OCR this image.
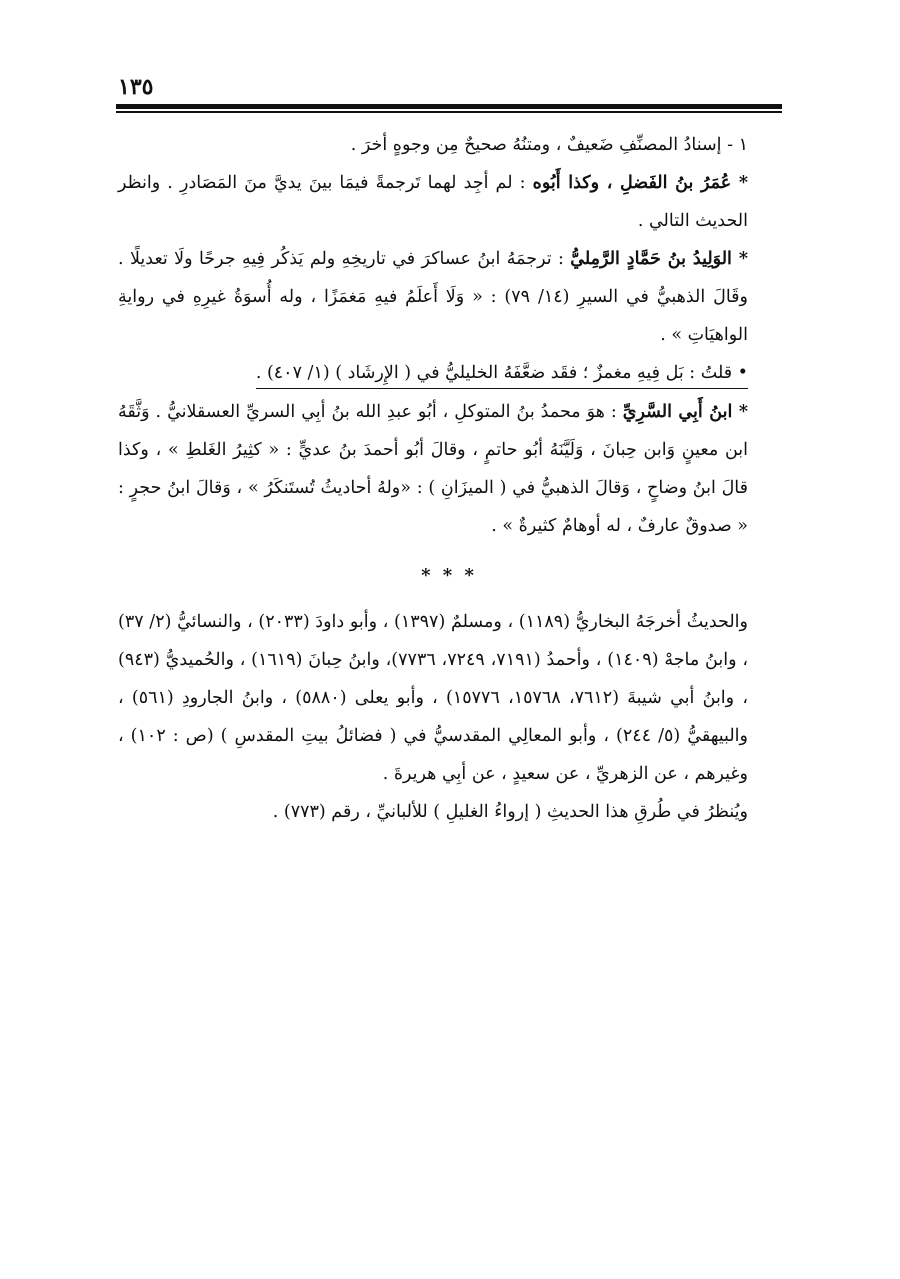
١٣٥

١ - إسنادُ المصنِّفِ ضَعيفٌ ، ومتنُهُ صحيحٌ مِن وجوهٍ أخرَ .

* عُمَرُ بنُ الفَضلِ ، وكذا أَبُوه : لم أجِد لهما تَرجمةً فيمَا بينَ يديَّ منَ المَصَادرِ . وانظر الحديث التالي .

* الوَلِيدُ بنُ حَمَّادٍ الرَّمِليُّ : ترجمَهُ ابنُ عساكرَ في تاريخِهِ ولم يَذكُر فِيهِ جرحًا ولَا تعديلًا . وقَالَ الذهبيُّ في السيرِ (١٤/ ٧٩) : « وَلَا أَعلَمُ فيهِ مَغمَزًا ، وله أُسوَةُ غيرِهِ في روايةِ الواهيَاتِ » .

• قلتُ : بَل فِيهِ مغمزٌ ؛ فقَد ضعَّفَهُ الخليليُّ في ( الإِرشَاد ) (١/ ٤٠٧) .

* ابنُ أَبِي السَّرِيِّ : هوَ محمدُ بنُ المتوكلِ ، أبُو عبدِ الله بنُ أبِي السريِّ العسقلانيُّ . وَثَّقَهُ ابن معينٍ وَابن حِبانَ ، وَلَيَّنَهُ أبُو حاتمٍ ، وقالَ أبُو أحمدَ بنُ عديٍّ : « كثِيرُ الغَلطِ » ، وكذا قالَ ابنُ وضاحٍ ، وَقالَ الذهبيُّ في ( الميزَانِ ) : «ولهُ أحاديثُ تُستَنكَرُ » ، وَقالَ ابنُ حجرٍ : « صدوقٌ عارفٌ ، له أوهامٌ كثيرةٌ » .

* * *

والحديثُ أخرجَهُ البخاريُّ (١١٨٩) ، ومسلمٌ (١٣٩٧) ، وأبو داودَ (٢٠٣٣) ، والنسائيُّ (٢/ ٣٧) ، وابنُ ماجهْ (١٤٠٩) ، وأحمدُ (٧١٩١، ٧٢٤٩، ٧٧٣٦)، وابنُ حِبانَ (١٦١٩) ، والحُميديُّ (٩٤٣) ، وابنُ أبي شيبةَ (٧٦١٢، ١٥٧٦٨، ١٥٧٧٦) ، وأبو يعلى (٥٨٨٠) ، وابنُ الجارودِ (٥٦١) ، والبيهقيُّ (٥/ ٢٤٤) ، وأبو المعالِي المقدسيُّ في ( فضائلُ بيتِ المقدسِ ) (ص : ١٠٢) ، وغيرهم ، عن الزهريِّ ، عن سعيدٍ ، عن أبِي هريرةَ .

ويُنظرُ في طُرقِ هذا الحديثِ ( إرواءُ الغليلِ ) للألبانيِّ ، رقم (٧٧٣) .
